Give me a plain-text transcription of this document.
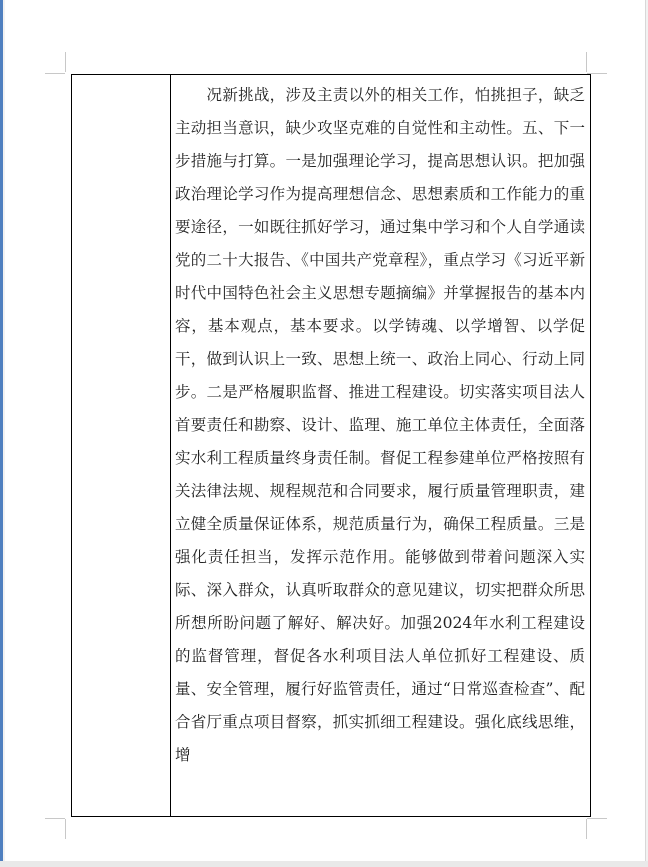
　　况新挑战，涉及主责以外的相关工作，怕挑担子，缺乏主动担当意识，缺少攻坚克难的自觉性和主动性。五、下一步措施与打算。一是加强理论学习，提高思想认识。把加强政治理论学习作为提高理想信念、思想素质和工作能力的重要途径，一如既往抓好学习，通过集中学习和个人自学通读党的二十大报告、《中国共产党章程》，重点学习《习近平新时代中国特色社会主义思想专题摘编》并掌握报告的基本内容，基本观点，基本要求。以学铸魂、以学增智、以学促干，做到认识上一致、思想上统一、政治上同心、行动上同步。二是严格履职监督、推进工程建设。切实落实项目法人首要责任和勘察、设计、监理、施工单位主体责任，全面落实水利工程质量终身责任制。督促工程参建单位严格按照有关法律法规、规程规范和合同要求，履行质量管理职责，建立健全质量保证体系，规范质量行为，确保工程质量。三是强化责任担当，发挥示范作用。能够做到带着问题深入实际、深入群众，认真听取群众的意见建议，切实把群众所思所想所盼问题了解好、解决好。加强2024年水利工程建设的监督管理，督促各水利项目法人单位抓好工程建设、质量、安全管理，履行好监管责任，通过“日常巡查检查”、配合省厅重点项目督察，抓实抓细工程建设。强化底线思维，增
